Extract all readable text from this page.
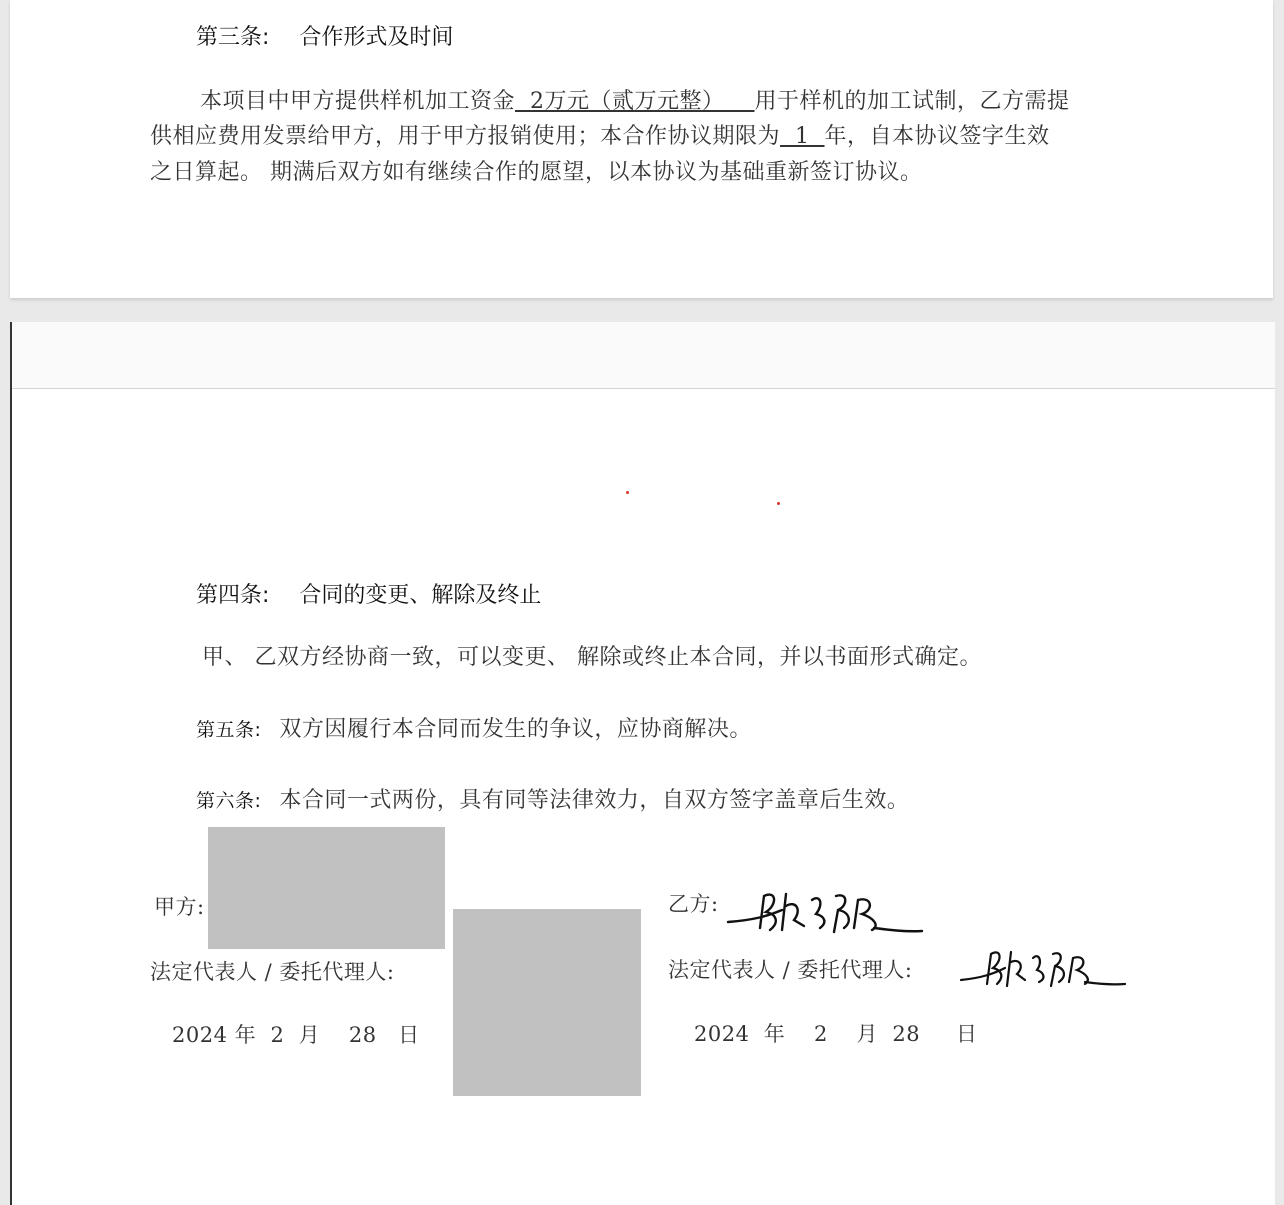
第三条: 合作形式及时间
本项目中甲方提供样机加工资金 2万元（贰万元整） 用于样机的加工试制，乙方需提
供相应费用发票给甲方，用于甲方报销使用；本合作协议期限为 1 年，自本协议签字生效
之日算起。 期满后双方如有继续合作的愿望，以本协议为基础重新签订协议。
第四条: 合同的变更、解除及终止
甲、 乙双方经协商一致，可以变更、 解除或终止本合同，并以书面形式确定。
第五条: 双方因履行本合同而发生的争议，应协商解决。
第六条: 本合同一式两份，具有同等法律效力，自双方签字盖章后生效。
甲方:
法定代表人 / 委托代理人:
2024 年  2  月    28   日
乙方:
法定代表人 / 委托代理人:
2024  年    2    月  28     日
